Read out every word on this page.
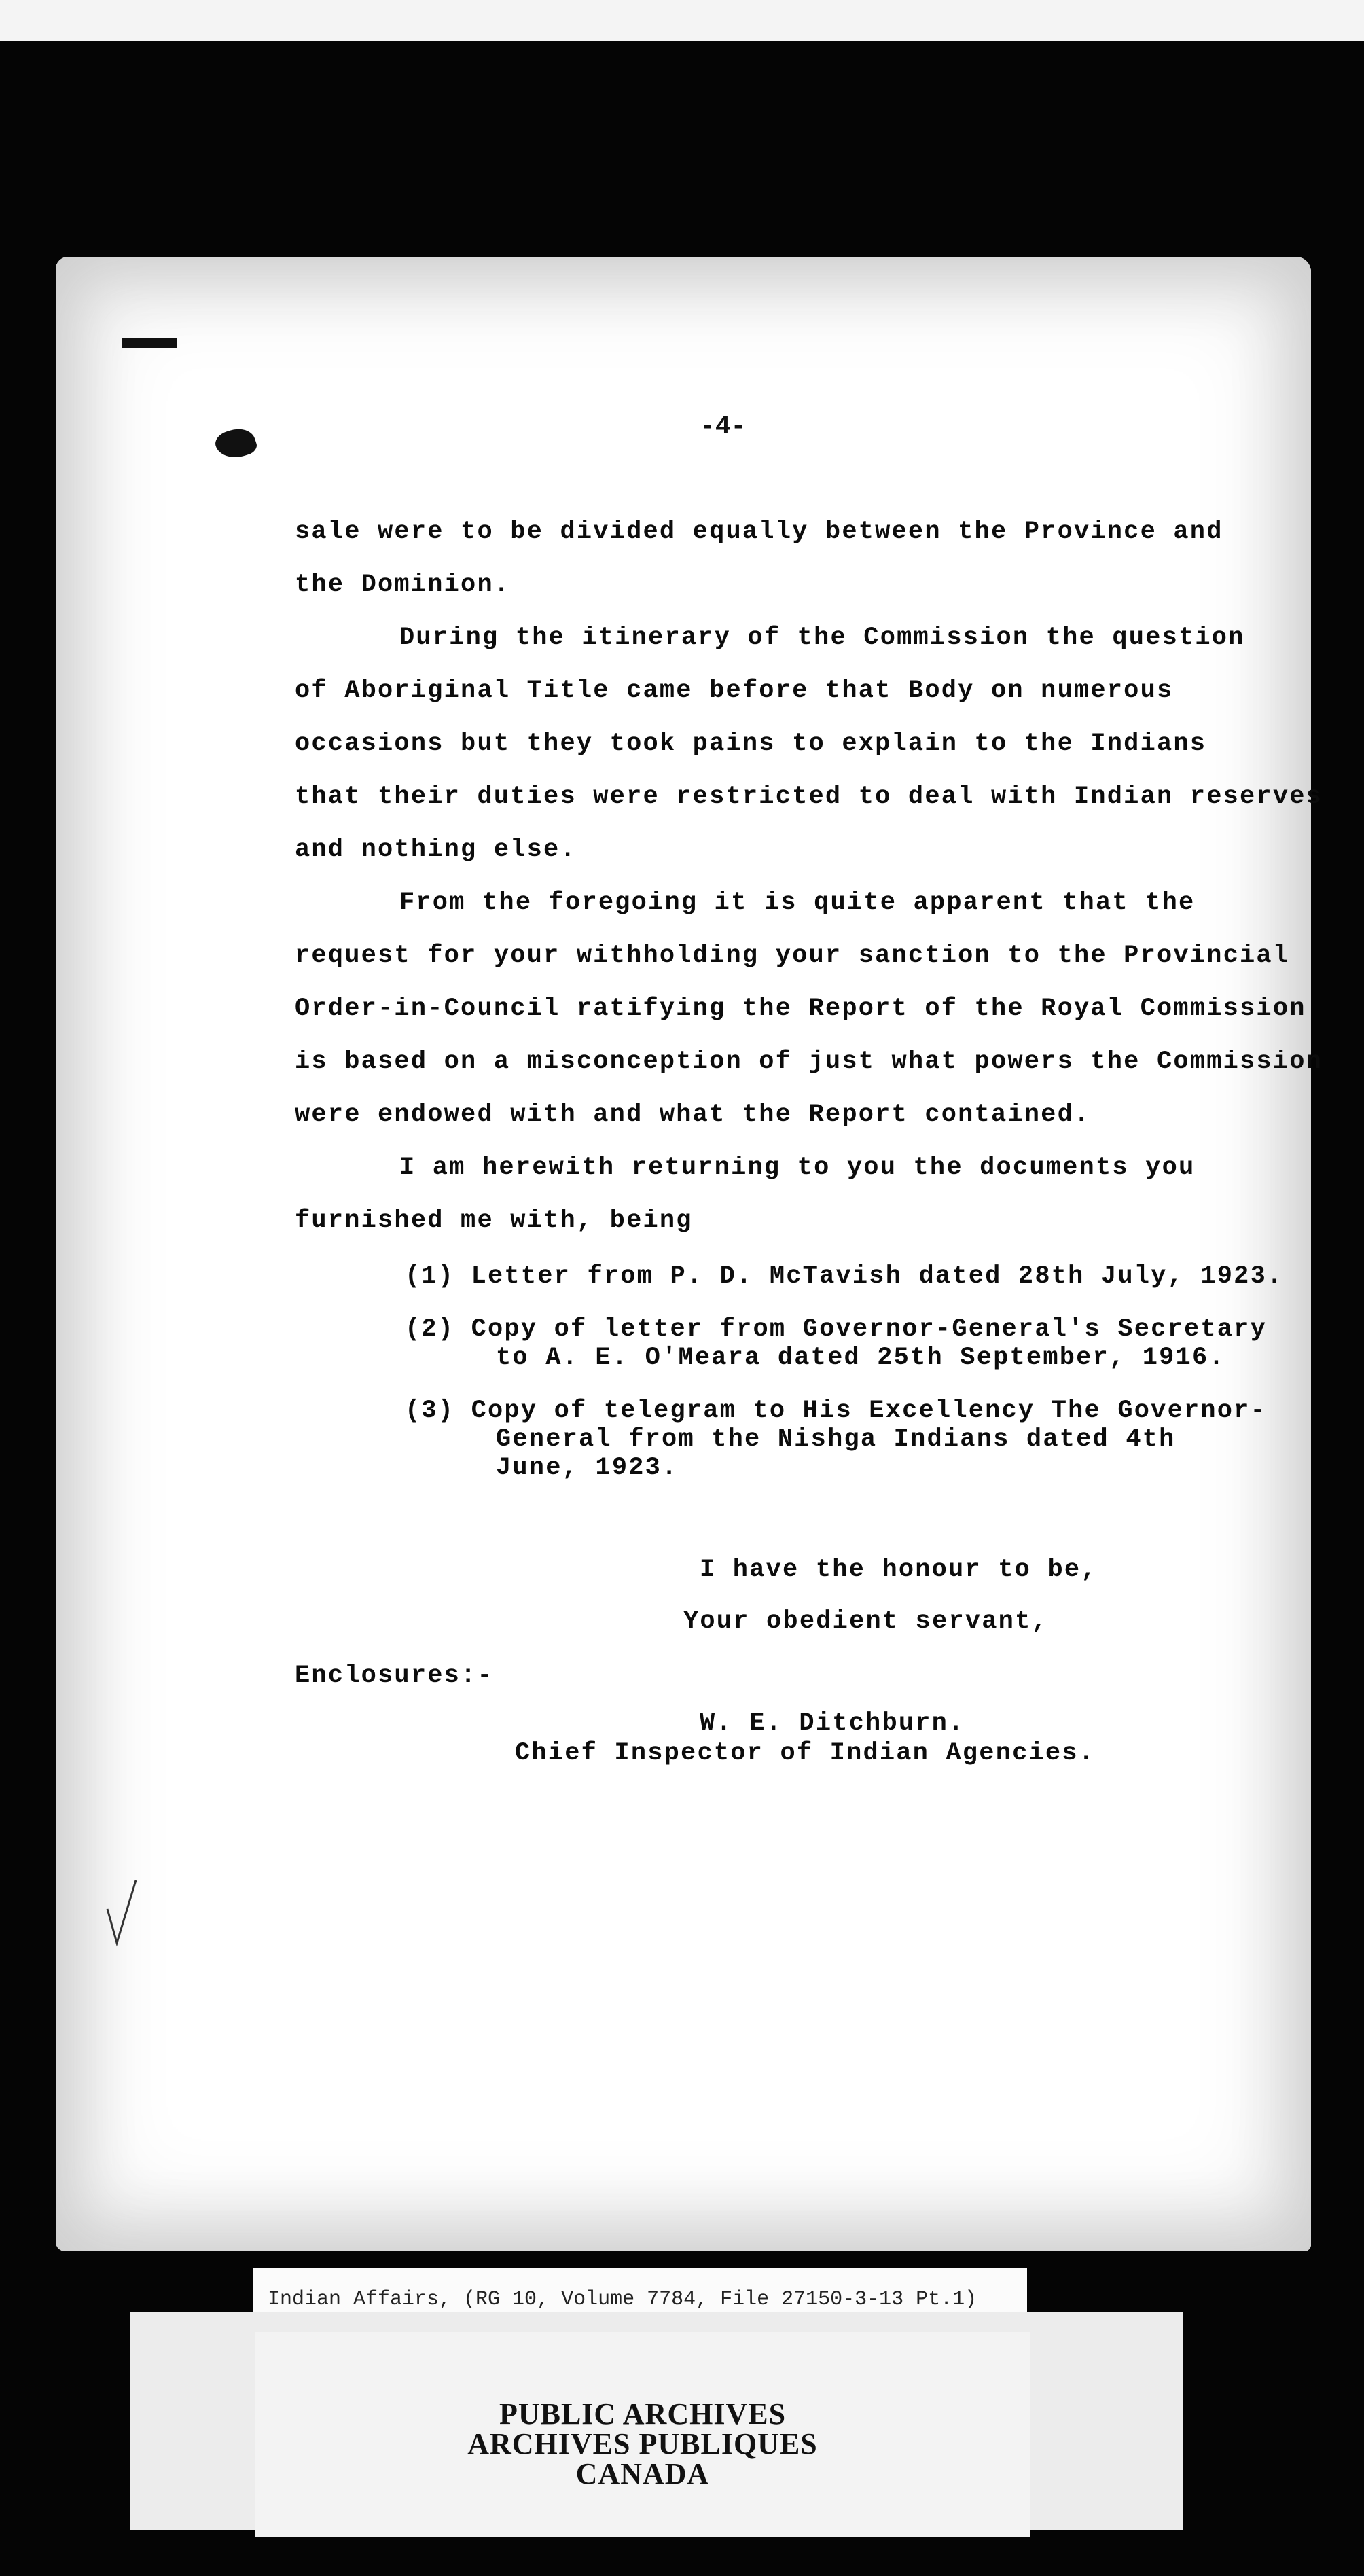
-4-
sale were to be divided equally between the Province and
the Dominion.
During the itinerary of the Commission the question
of Aboriginal Title came before that Body on numerous
occasions but they took pains to explain to the Indians
that their duties were restricted to deal with Indian reserves
and nothing else.
From the foregoing it is quite apparent that the
request for your withholding your sanction to the Provincial
Order-in-Council ratifying the Report of the Royal Commission
is based on a misconception of just what powers the Commission
were endowed with and what the Report contained.
I am herewith returning to you the documents you
furnished me with, being
(1) Letter from P. D. McTavish dated 28th July, 1923.
(2) Copy of letter from Governor-General's Secretary
to A. E. O'Meara dated 25th September, 1916.
(3) Copy of telegram to His Excellency The Governor-
General from the Nishga Indians dated 4th
June, 1923.
I have the honour to be,
Your obedient servant,
Enclosures:-
W. E. Ditchburn.
Chief Inspector of Indian Agencies.
Indian Affairs, (RG 10, Volume 7784, File 27150-3-13 Pt.1)
PUBLIC ARCHIVES
ARCHIVES PUBLIQUES
CANADA
